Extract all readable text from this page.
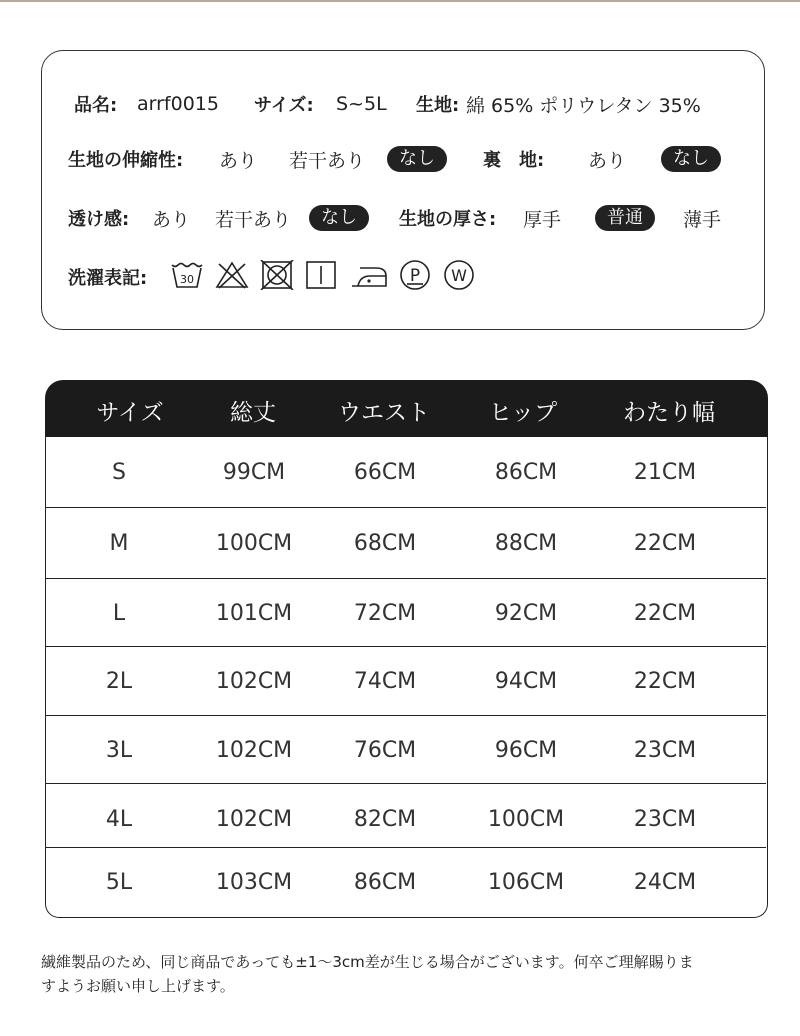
品名: arrf0015 サイズ: S~5L 生地: 綿 65% ポリウレタン 35%
生地の伸縮性: あり 若干あり	なし	裏　地: あり	なし
透け感: あり 若干あり	なし	生地の厚さ: 厚手	普通	薄手
洗濯表記:	30	P W
サイズ	総丈	ウエスト	ヒップ	わたり幅
S	99CM	66CM	86CM	21CM
M	100CM	68CM	88CM	22CM
L	101CM	72CM	92CM	22CM
2L	102CM	74CM	94CM	22CM
3L	102CM	76CM	96CM	23CM
4L	102CM	82CM	100CM	23CM
5L	103CM	86CM	106CM	24CM
繊維製品のため、同じ商品であっても±1～3cm差が生じる場合がございます。何卒ご理解賜りま
すようお願い申し上げます。
